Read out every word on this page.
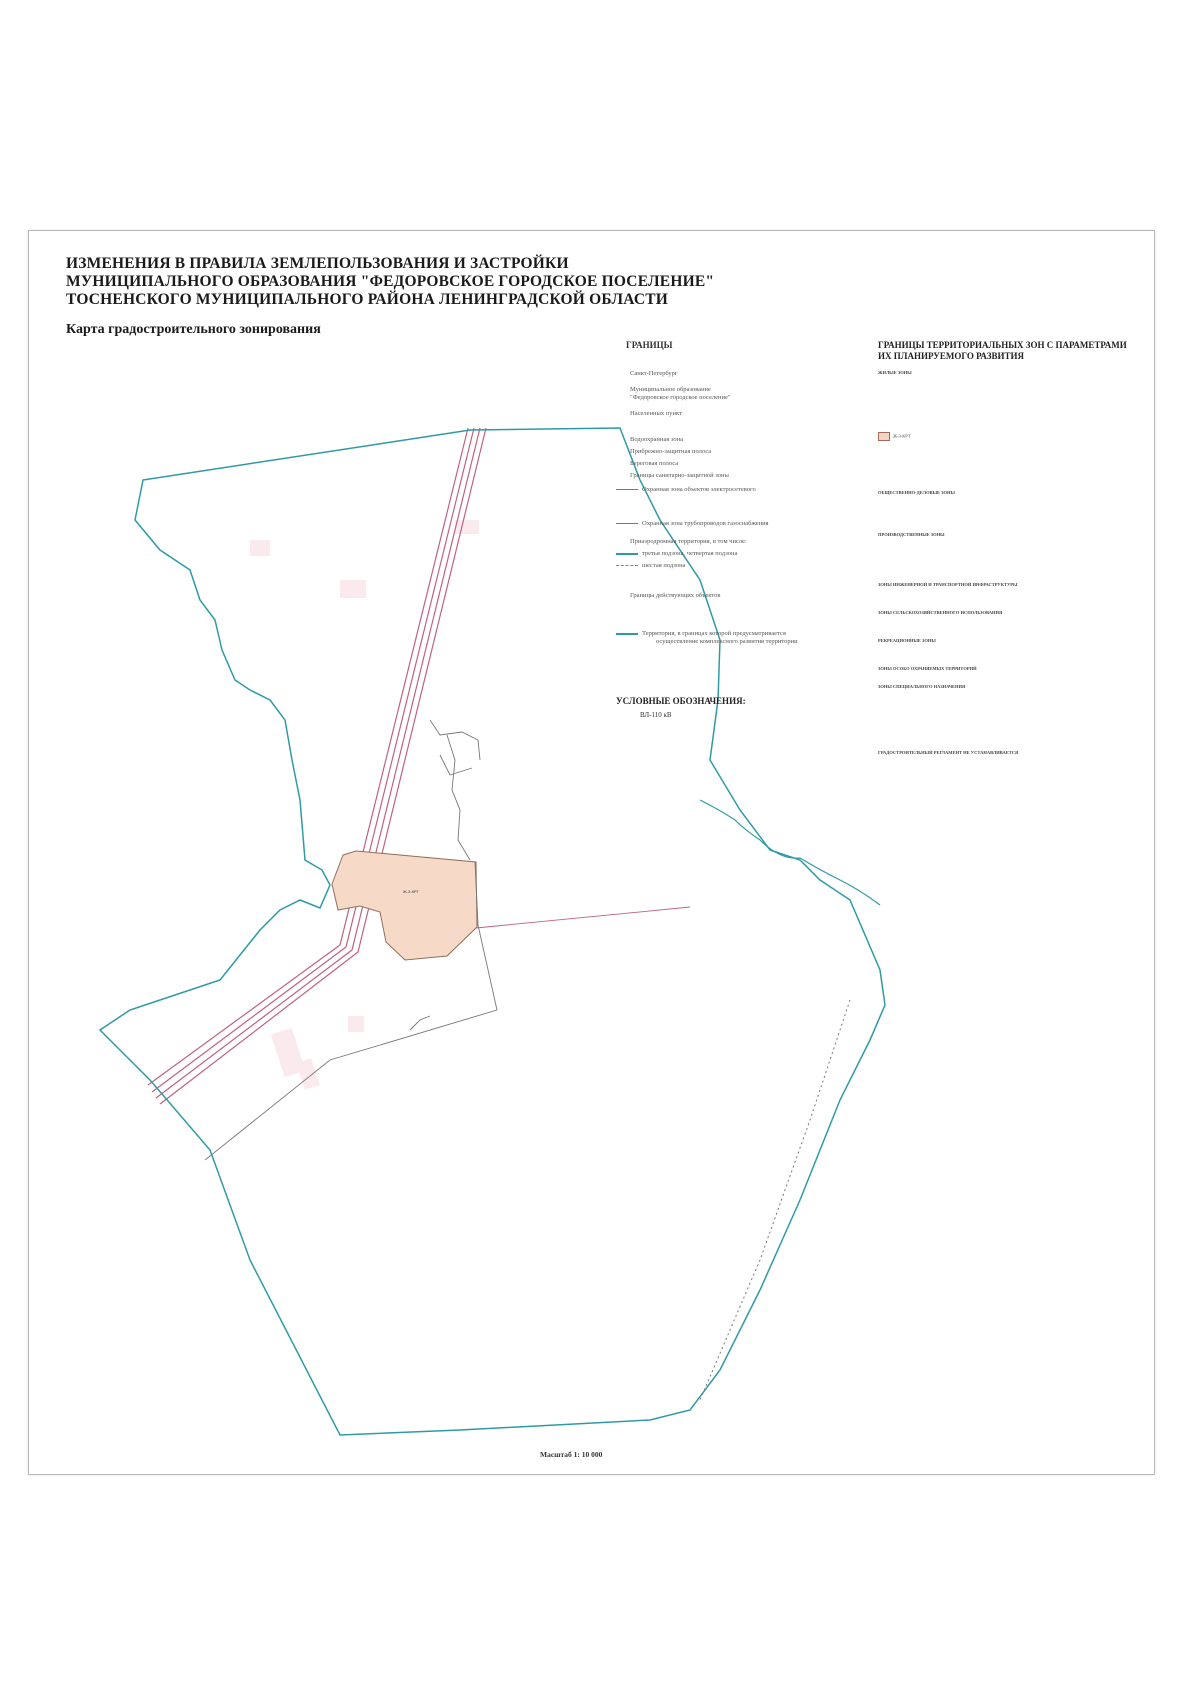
ИЗМЕНЕНИЯ В ПРАВИЛА ЗЕМЛЕПОЛЬЗОВАНИЯ И ЗАСТРОЙКИ
МУНИЦИПАЛЬНОГО ОБРАЗОВАНИЯ "ФЕДОРОВСКОЕ ГОРОДСКОЕ ПОСЕЛЕНИЕ"
ТОСНЕНСКОГО МУНИЦИПАЛЬНОГО РАЙОНА ЛЕНИНГРАДСКОЙ ОБЛАСТИ
Карта градостроительного зонирования
Ж-3-КРТ
ГРАНИЦЫ
Санкт-Петербург
Муниципальное образование
"Федоровское городское поселение"
Населенных пункт
Водоохранная зона
Прибрежно-защитная полоса
Береговая полоса
Границы санитарно-защитной зоны
Охранная зона объектов электросетевого
Охранная зона трубопроводов газоснабжения
Приаэродромная территория, в том числе:
третья подзона, четвертая подзона
шестая подзона
Границы действующих объектов
Территория, в границах которой предусматривается
осуществление комплексного развития территории
УСЛОВНЫЕ ОБОЗНАЧЕНИЯ:
ВЛ-110 кВ
ГРАНИЦЫ ТЕРРИТОРИАЛЬНЫХ ЗОН С ПАРАМЕТРАМИ
ИХ ПЛАНИРУЕМОГО РАЗВИТИЯ
ЖИЛЫЕ ЗОНЫ
Ж-3-КРТ
ОБЩЕСТВЕННО-ДЕЛОВЫЕ ЗОНЫ
ПРОИЗВОДСТВЕННЫЕ ЗОНЫ
ЗОНЫ ИНЖЕНЕРНОЙ И ТРАНСПОРТНОЙ ИНФРАСТРУКТУРЫ
ЗОНЫ СЕЛЬСКОХОЗЯЙСТВЕННОГО ИСПОЛЬЗОВАНИЯ
РЕКРЕАЦИОННЫЕ ЗОНЫ
ЗОНЫ ОСОБО ОХРАНЯЕМЫХ ТЕРРИТОРИЙ
ЗОНЫ СПЕЦИАЛЬНОГО НАЗНАЧЕНИЯ
ГРАДОСТРОИТЕЛЬНЫЙ РЕГЛАМЕНТ НЕ УСТАНАВЛИВАЕТСЯ
Масштаб 1: 10 000
